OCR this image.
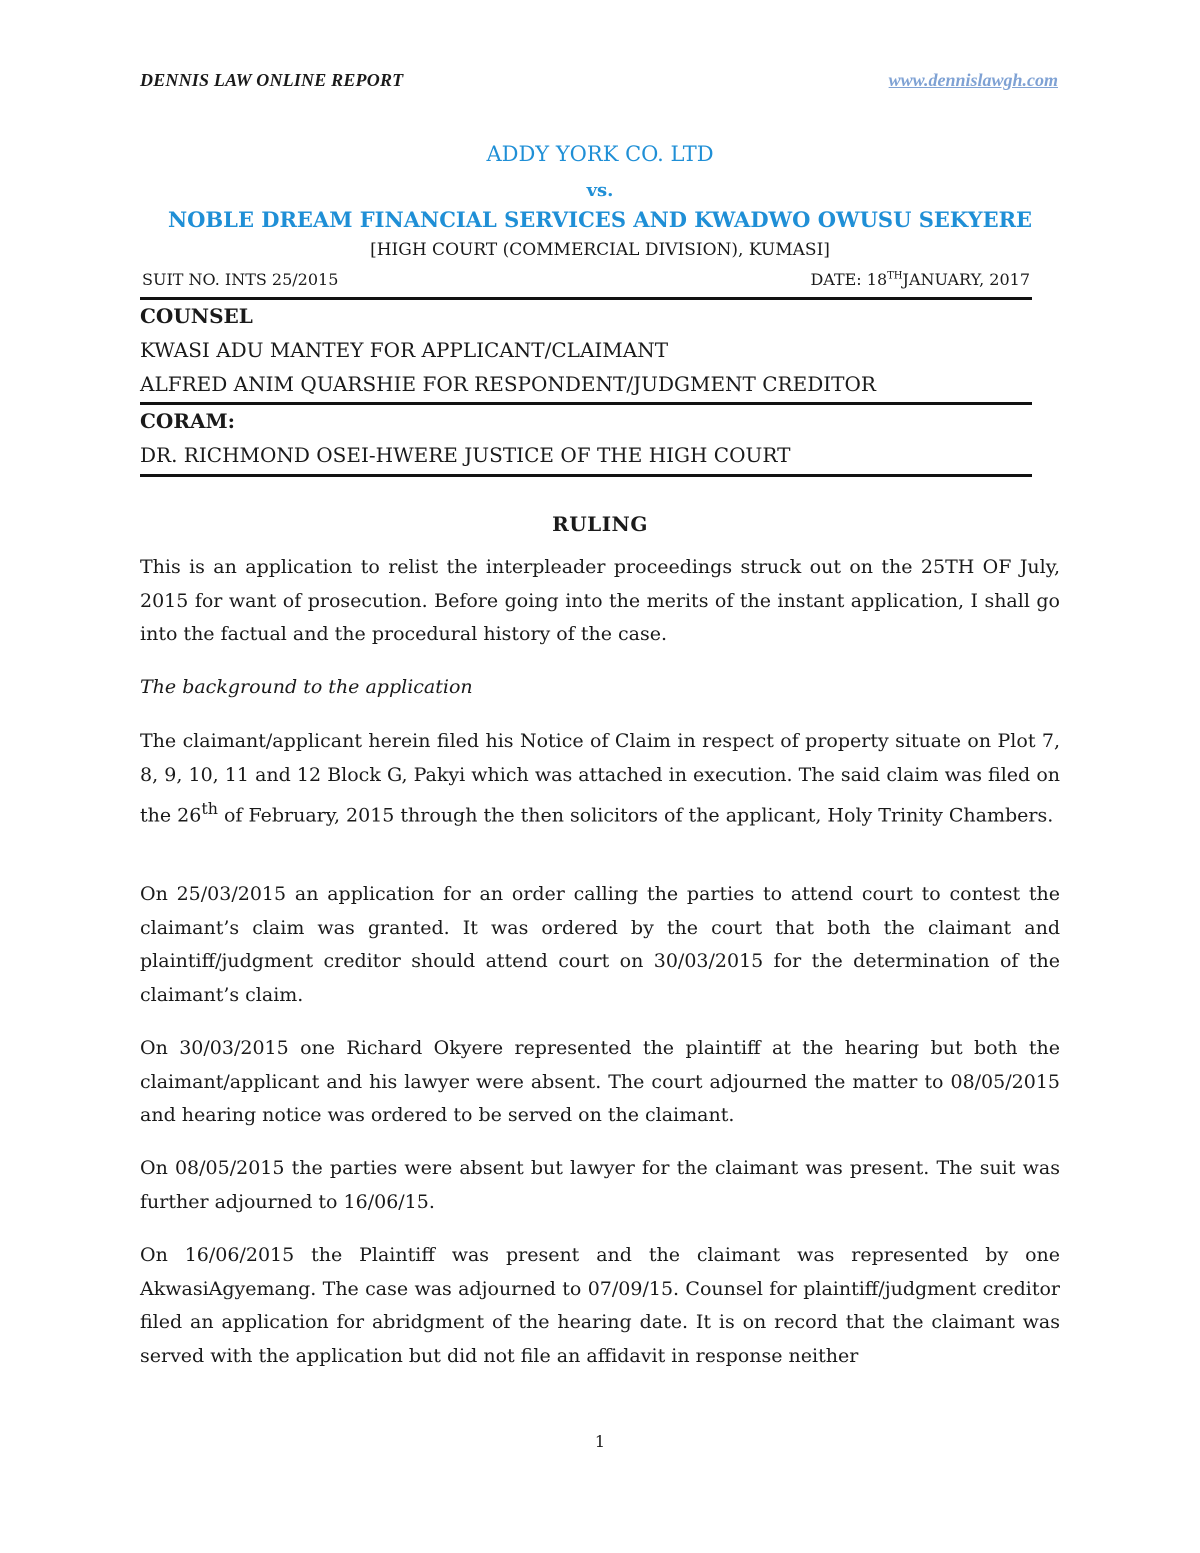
DENNIS LAW ONLINE REPORT	www.dennislawgh.com
ADDY YORK CO. LTD
vs.
NOBLE DREAM FINANCIAL SERVICES AND KWADWO OWUSU SEKYERE
[HIGH COURT (COMMERCIAL DIVISION), KUMASI]
SUIT NO. INTS 25/2015	DATE: 18THJANUARY, 2017
COUNSEL
KWASI ADU MANTEY FOR APPLICANT/CLAIMANT
ALFRED ANIM QUARSHIE FOR RESPONDENT/JUDGMENT CREDITOR
CORAM:
DR. RICHMOND OSEI-HWERE JUSTICE OF THE HIGH COURT
RULING

This is an application to relist the interpleader proceedings struck out on the 25TH OF July, 2015 for want of prosecution. Before going into the merits of the instant application, I shall go into the factual and the procedural history of the case.

The background to the application

The claimant/applicant herein filed his Notice of Claim in respect of property situate on Plot 7, 8, 9, 10, 11 and 12 Block G, Pakyi which was attached in execution. The said claim was filed on the 26th of February, 2015 through the then solicitors of the applicant, Holy Trinity Chambers.

On 25/03/2015 an application for an order calling the parties to attend court to contest the claimant’s claim was granted. It was ordered by the court that both the claimant and plaintiff/judgment creditor should attend court on 30/03/2015 for the determination of the claimant’s claim.

On 30/03/2015 one Richard Okyere represented the plaintiff at the hearing but both the claimant/applicant and his lawyer were absent. The court adjourned the matter to 08/05/2015 and hearing notice was ordered to be served on the claimant.

On 08/05/2015 the parties were absent but lawyer for the claimant was present. The suit was further adjourned to 16/06/15.

On 16/06/2015 the Plaintiff was present and the claimant was represented by one AkwasiAgyemang. The case was adjourned to 07/09/15. Counsel for plaintiff/judgment creditor filed an application for abridgment of the hearing date. It is on record that the claimant was served with the application but did not file an affidavit in response neither

1
